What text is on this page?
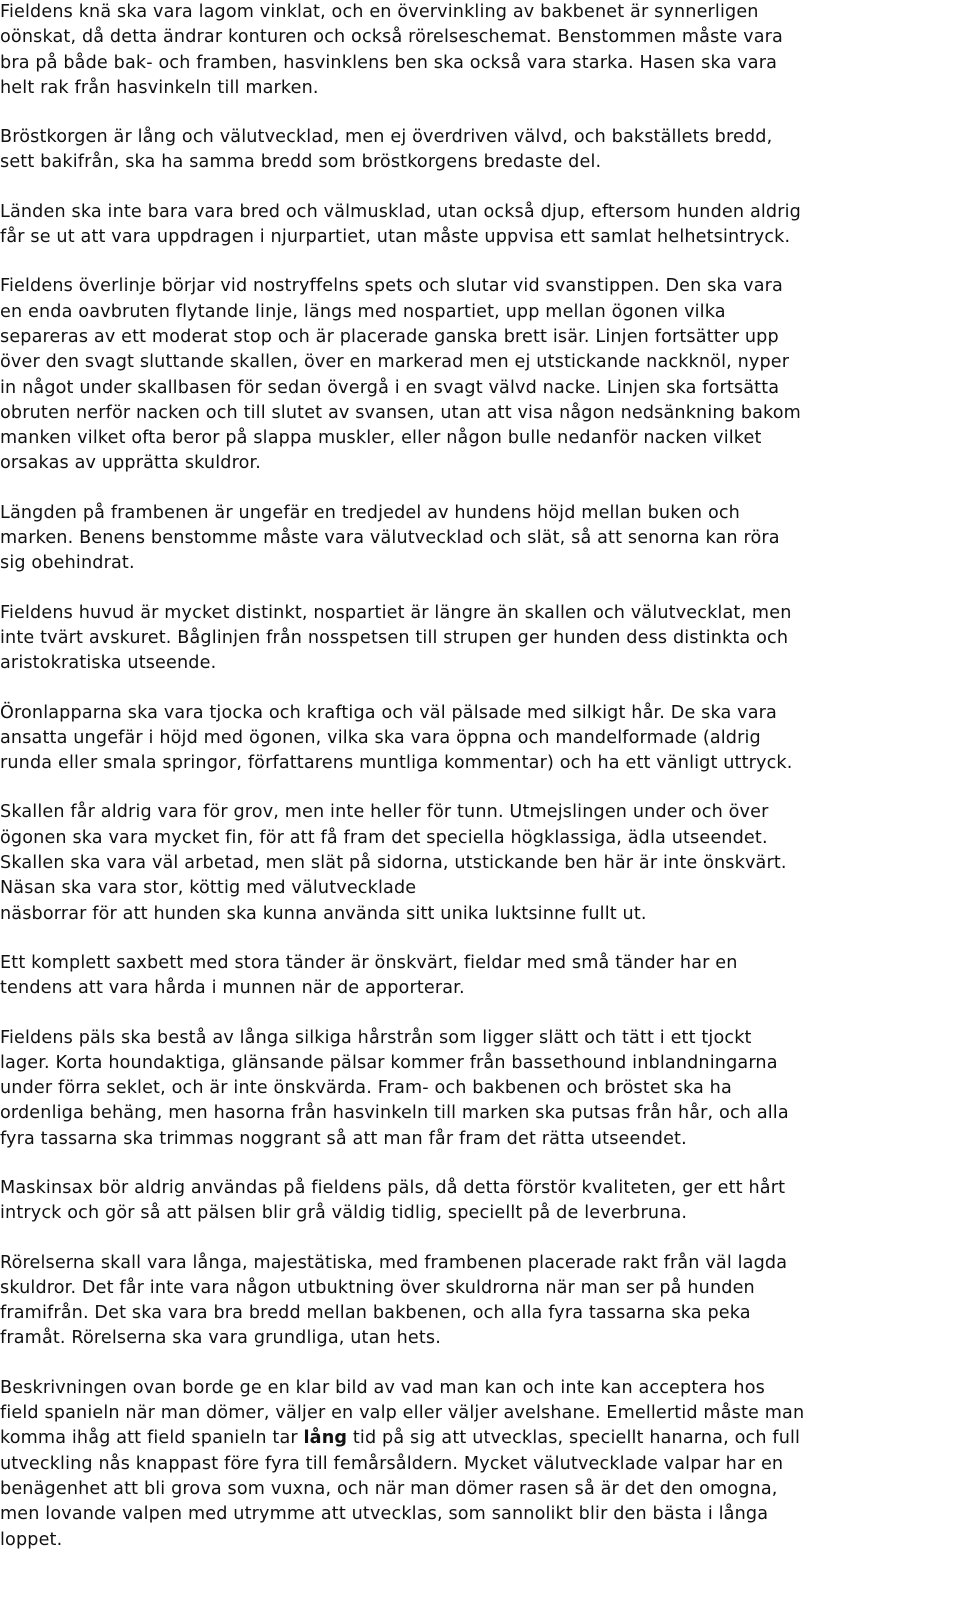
Fieldens knä ska vara lagom vinklat, och en övervinkling av bakbenet är synnerligen
oönskat, då detta ändrar konturen och också rörelseschemat. Benstommen måste vara
bra på både bak- och framben, hasvinklens ben ska också vara starka. Hasen ska vara
helt rak från hasvinkeln till marken.

Bröstkorgen är lång och välutvecklad, men ej överdriven välvd, och bakställets bredd,
sett bakifrån, ska ha samma bredd som bröstkorgens bredaste del.

Länden ska inte bara vara bred och välmusklad, utan också djup, eftersom hunden aldrig
får se ut att vara uppdragen i njurpartiet, utan måste uppvisa ett samlat helhetsintryck.

Fieldens överlinje börjar vid nostryffelns spets och slutar vid svanstippen. Den ska vara
en enda oavbruten flytande linje, längs med nospartiet, upp mellan ögonen vilka
separeras av ett moderat stop och är placerade ganska brett isär. Linjen fortsätter upp
över den svagt sluttande skallen, över en markerad men ej utstickande nackknöl, nyper
in något under skallbasen för sedan övergå i en svagt välvd nacke. Linjen ska fortsätta
obruten nerför nacken och till slutet av svansen, utan att visa någon nedsänkning bakom
manken vilket ofta beror på slappa muskler, eller någon bulle nedanför nacken vilket
orsakas av upprätta skuldror.

Längden på frambenen är ungefär en tredjedel av hundens höjd mellan buken och
marken. Benens benstomme måste vara välutvecklad och slät, så att senorna kan röra
sig obehindrat.

Fieldens huvud är mycket distinkt, nospartiet är längre än skallen och välutvecklat, men
inte tvärt avskuret. Båglinjen från nosspetsen till strupen ger hunden dess distinkta och
aristokratiska utseende.

Öronlapparna ska vara tjocka och kraftiga och väl pälsade med silkigt hår. De ska vara
ansatta ungefär i höjd med ögonen, vilka ska vara öppna och mandelformade (aldrig
runda eller smala springor, författarens muntliga kommentar) och ha ett vänligt uttryck.

Skallen får aldrig vara för grov, men inte heller för tunn. Utmejslingen under och över
ögonen ska vara mycket fin, för att få fram det speciella högklassiga, ädla utseendet.
Skallen ska vara väl arbetad, men slät på sidorna, utstickande ben här är inte önskvärt.
Näsan ska vara stor, köttig med välutvecklade
näsborrar för att hunden ska kunna använda sitt unika luktsinne fullt ut.

Ett komplett saxbett med stora tänder är önskvärt, fieldar med små tänder har en
tendens att vara hårda i munnen när de apporterar.

Fieldens päls ska bestå av långa silkiga hårstrån som ligger slätt och tätt i ett tjockt
lager. Korta houndaktiga, glänsande pälsar kommer från bassethound inblandningarna
under förra seklet, och är inte önskvärda. Fram- och bakbenen och bröstet ska ha
ordenliga behäng, men hasorna från hasvinkeln till marken ska putsas från hår, och alla
fyra tassarna ska trimmas noggrant så att man får fram det rätta utseendet.

Maskinsax bör aldrig användas på fieldens päls, då detta förstör kvaliteten, ger ett hårt
intryck och gör så att pälsen blir grå väldig tidlig, speciellt på de leverbruna.

Rörelserna skall vara långa, majestätiska, med frambenen placerade rakt från väl lagda
skuldror. Det får inte vara någon utbuktning över skuldrorna när man ser på hunden
framifrån. Det ska vara bra bredd mellan bakbenen, och alla fyra tassarna ska peka
framåt. Rörelserna ska vara grundliga, utan hets.

Beskrivningen ovan borde ge en klar bild av vad man kan och inte kan acceptera hos
field spanieln när man dömer, väljer en valp eller väljer avelshane. Emellertid måste man
komma ihåg att field spanieln tar lång tid på sig att utvecklas, speciellt hanarna, och full
utveckling nås knappast före fyra till femårsåldern. Mycket välutvecklade valpar har en
benägenhet att bli grova som vuxna, och när man dömer rasen så är det den omogna,
men lovande valpen med utrymme att utvecklas, som sannolikt blir den bästa i långa
loppet.
